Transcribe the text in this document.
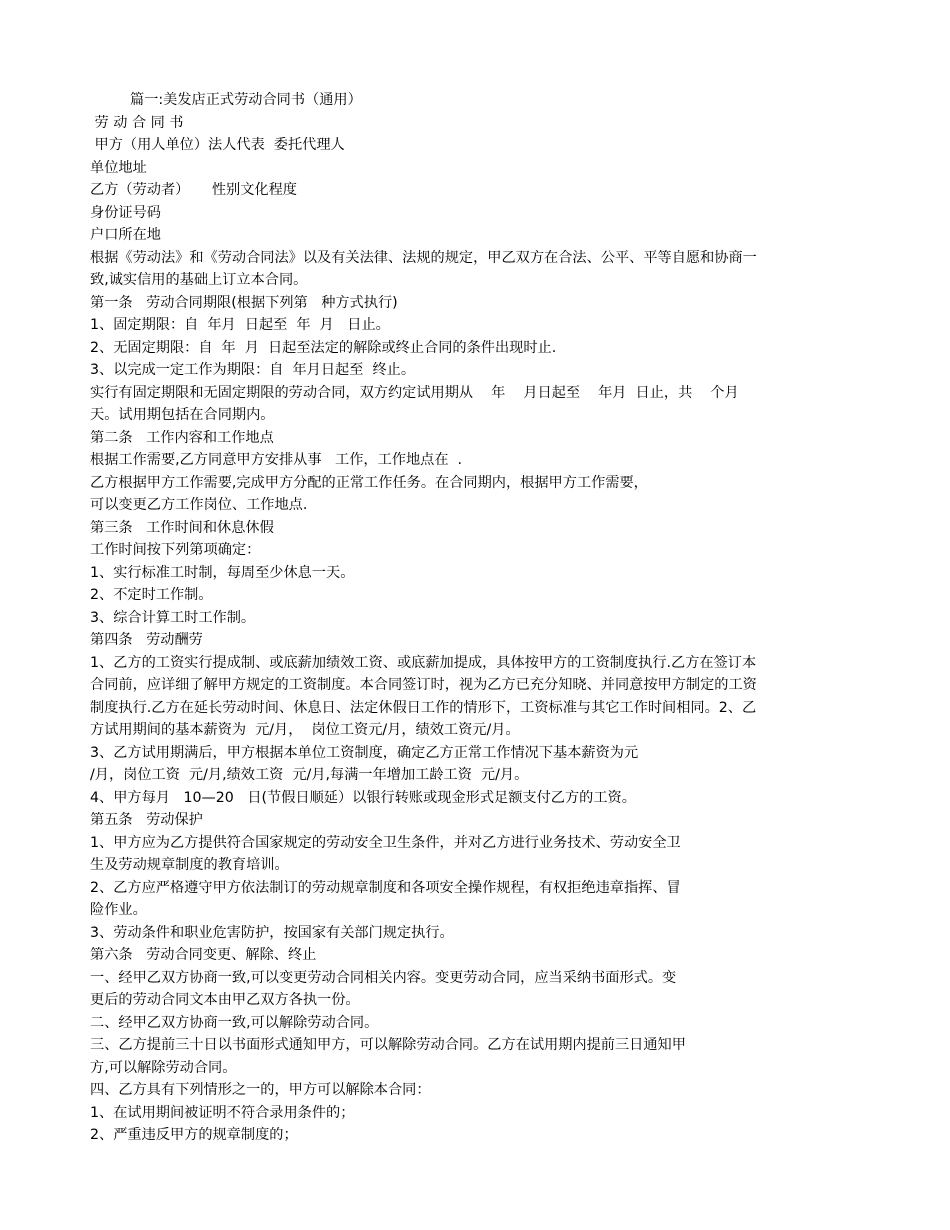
篇一:美发店正式劳动合同书（通用）
劳 动 合 同 书
甲方（用人单位）法人代表  委托代理人
单位地址
乙方（劳动者）     性别文化程度
身份证号码
户口所在地
根据《劳动法》和《劳动合同法》以及有关法律、法规的规定，甲乙双方在合法、公平、平等自愿和协商一
致,诚实信用的基础上订立本合同。
第一条   劳动合同期限(根据下列第   种方式执行)
1、固定期限：自  年月  日起至  年  月   日止。
2、无固定期限：自  年  月  日起至法定的解除或终止合同的条件出现时止.
3、以完成一定工作为期限：自  年月日起至  终止。
实行有固定期限和无固定期限的劳动合同，双方约定试用期从    年    月日起至    年月  日止，共    个月
天。试用期包括在合同期内。
第二条   工作内容和工作地点
根据工作需要,乙方同意甲方安排从事   工作，工作地点在  .
乙方根据甲方工作需要,完成甲方分配的正常工作任务。在合同期内，根据甲方工作需要，
可以变更乙方工作岗位、工作地点.
第三条   工作时间和休息休假
工作时间按下列第项确定：
1、实行标准工时制，每周至少休息一天。
2、不定时工作制。
3、综合计算工时工作制。
第四条   劳动酬劳
1、乙方的工资实行提成制、或底薪加绩效工资、或底薪加提成，具体按甲方的工资制度执行.乙方在签订本
合同前，应详细了解甲方规定的工资制度。本合同签订时，视为乙方已充分知晓、并同意按甲方制定的工资
制度执行.乙方在延长劳动时间、休息日、法定休假日工作的情形下，工资标准与其它工作时间相同。2、乙
方试用期间的基本薪资为  元/月，  岗位工资元/月，绩效工资元/月。
3、乙方试用期满后，甲方根据本单位工资制度，确定乙方正常工作情况下基本薪资为元
/月，岗位工资  元/月,绩效工资  元/月,每满一年增加工龄工资  元/月。
4、甲方每月   10—20   日(节假日顺延）以银行转账或现金形式足额支付乙方的工资。
第五条   劳动保护
1、甲方应为乙方提供符合国家规定的劳动安全卫生条件，并对乙方进行业务技术、劳动安全卫
生及劳动规章制度的教育培训。
2、乙方应严格遵守甲方依法制订的劳动规章制度和各项安全操作规程，有权拒绝违章指挥、冒
险作业。
3、劳动条件和职业危害防护，按国家有关部门规定执行。
第六条   劳动合同变更、解除、终止
一、经甲乙双方协商一致,可以变更劳动合同相关内容。变更劳动合同，应当采纳书面形式。变
更后的劳动合同文本由甲乙双方各执一份。
二、经甲乙双方协商一致,可以解除劳动合同。
三、乙方提前三十日以书面形式通知甲方，可以解除劳动合同。乙方在试用期内提前三日通知甲
方,可以解除劳动合同。
四、乙方具有下列情形之一的，甲方可以解除本合同：
1、在试用期间被证明不符合录用条件的；
2、严重违反甲方的规章制度的；
